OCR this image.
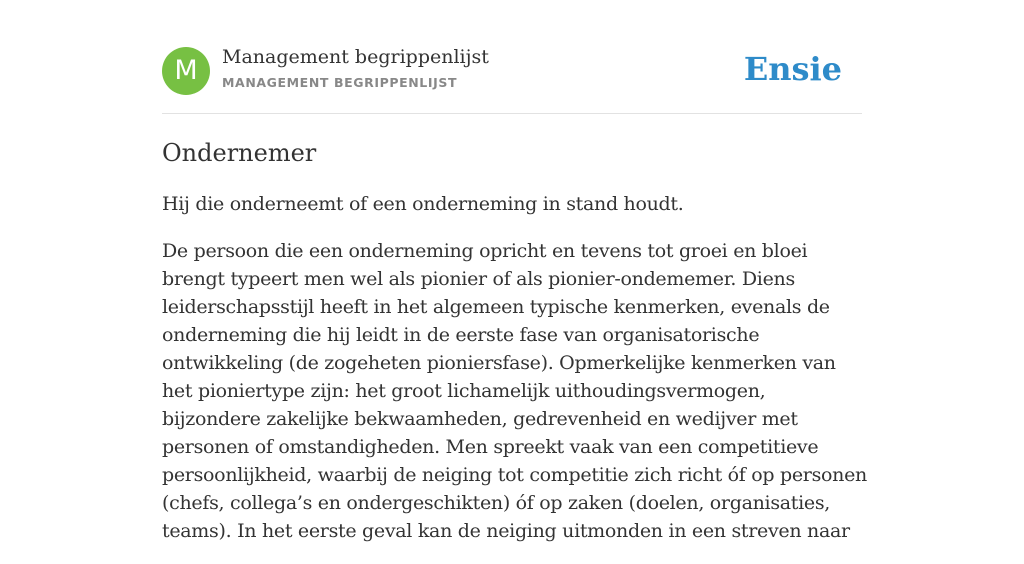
M	Management begrippenlijst
MANAGEMENT BEGRIPPENLIJST	Ensie
Ondernemer

Hij die onderneemt of een onderneming in stand houdt.

De persoon die een onderneming opricht en tevens tot groei en bloei brengt typeert men wel als pionier of als pionier-ondememer. Diens leiderschapsstijl heeft in het algemeen typische kenmerken, evenals de onderneming die hij leidt in de eerste fase van organisatorische ontwikkeling (de zogeheten pioniersfase). Opmerkelijke kenmerken van het pioniertype zijn: het groot lichamelijk uithoudingsvermogen, bijzondere zakelijke bekwaamheden, gedrevenheid en wedijver met personen of omstandigheden. Men spreekt vaak van een competitieve persoonlijkheid, waarbij de neiging tot competitie zich richt óf op personen (chefs, collega’s en ondergeschikten) óf op zaken (doelen, organisaties, teams). In het eerste geval kan de neiging uitmonden in een streven naar
